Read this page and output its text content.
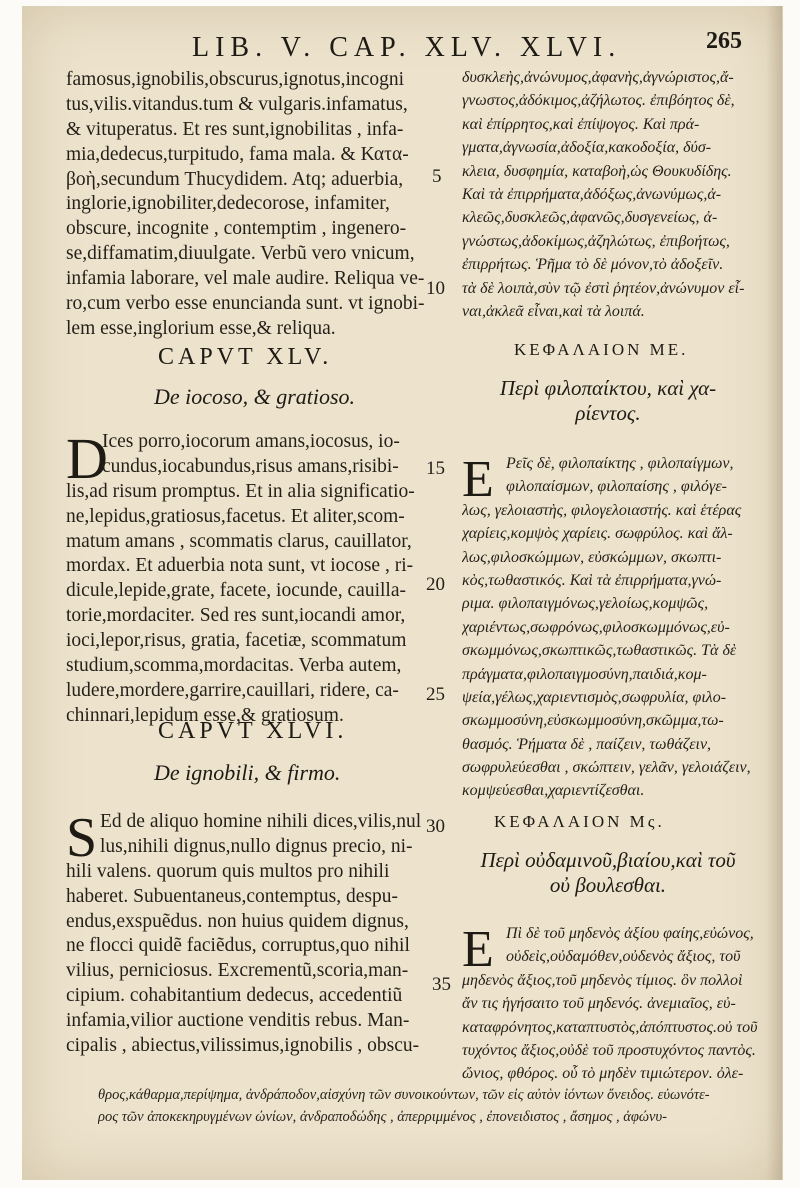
LIB. V. CAP. XLV. XLVI.	265
famosus,ignobilis,obscurus,ignotus,incogni
tus,vilis.vitandus.tum & vulgaris.infamatus,
& vituperatus. Et res sunt,ignobilitas , infa-
mia,dedecus,turpitudo, fama mala. & Κατα-
βοὴ,secundum Thucydidem. Atq; aduerbia,
inglorie,ignobiliter,dedecorose, infamiter,
obscure, incognite , contemptim , ingenero-
se,diffamatim,diuulgate. Verbũ vero vnicum,
infamia laborare, vel male audire. Reliqua ve-
ro,cum verbo esse enuncianda sunt. vt ignobi-
lem esse,inglorium esse,& reliqua.
CAPVT XLV.
De iocoso, & gratioso.
D
Ices porro,iocorum amans,iocosus, io-
cundus,iocabundus,risus amans,risibi-
lis,ad risum promptus. Et in alia significatio-
ne,lepidus,gratiosus,facetus. Et aliter,scom-
matum amans , scommatis clarus, cauillator,
mordax. Et aduerbia nota sunt, vt iocose , ri-
dicule,lepide,grate, facete, iocunde, cauilla-
torie,mordaciter. Sed res sunt,iocandi amor,
ioci,lepor,risus, gratia, facetiæ, scommatum
studium,scomma,mordacitas. Verba autem,
ludere,mordere,garrire,cauillari, ridere, ca-
chinnari,lepidum esse,& gratiosum.
CAPVT XLVI.
De ignobili, & firmo.
S Ed de aliquo homine nihili dices,vilis,nul
lus,nihili dignus,nullo dignus precio, ni-
hili valens. quorum quis multos pro nihili
haberet. Subuentaneus,contemptus, despu-
endus,exspuẽdus. non huius quidem dignus,
ne flocci quidẽ faciẽdus, corruptus,quo nihil
vilius, perniciosus. Excrementũ,scoria,man-
cipium. cohabitantium dedecus, accedentiũ
infamia,vilior auctione venditis rebus. Man-
cipalis , abiectus,vilissimus,ignobilis , obscu-
5
10
15
20
25
30
35
δυσκλεὴς,ἀνώνυμος,ἀφανὴς,ἀγνώριστος,ἄ-
γνωστος,ἀδόκιμος,ἀζήλωτος. ἐπιβόητος δὲ,
καὶ ἐπίρρητος,καὶ ἐπίψογος. Καὶ πρά-
γματα,ἀγνωσία,ἀδοξία,κακοδοξία, δύσ-
κλεια, δυσφημία, καταβοὴ,ὡς Θουκυδίδης.
Καὶ τὰ ἐπιρρήματα,ἀδόξως,ἀνωνύμως,ἀ-
κλεῶς,δυσκλεῶς,ἀφανῶς,δυσγενείως, ἀ-
γνώστως,ἀδοκίμως,ἀζηλώτως, ἐπιβοήτως,
ἐπιρρήτως. Ῥῆμα τὸ δὲ μόνον,τὸ ἀδοξεῖν.
τὰ δὲ λοιπὰ,σὺν τῷ ἐστὶ ῥητέον,ἀνώνυμον εἶ-
ναι,ἀκλεᾶ εἶναι,καὶ τὰ λοιπά.
ΚΕΦΑΛΑΙΟΝ ΜΕ.
Περὶ φιλοπαίκτου, καὶ χα-
ρίεντος.
Ε Ρεῖς δὲ, φιλοπαίκτης , φιλοπαίγμων,
φιλοπαίσμων, φιλοπαίσης , φιλόγε-
λως, γελοιαστὴς, φιλογελοιαστής. καὶ ἑτέρας
χαρίεις,κομψὸς χαρίεις. σωφρύλος. καὶ ἄλ-
λως,φιλοσκώμμων, εὐσκώμμων, σκωπτι-
κὸς,τωθαστικός. Καὶ τὰ ἐπιρρήματα,γνώ-
ριμα. φιλοπαιγμόνως,γελοίως,κομψῶς,
χαριέντως,σωφρόνως,φιλοσκωμμόνως,εὐ-
σκωμμόνως,σκωπτικῶς,τωθαστικῶς. Τὰ δὲ
πράγματα,φιλοπαιγμοσύνη,παιδιά,κομ-
ψεία,γέλως,χαριεντισμὸς,σωφρυλία, φιλο-
σκωμμοσύνη,εὐσκωμμοσύνη,σκῶμμα,τω-
θασμός. Ῥήματα δὲ , παίζειν, τωθάζειν,
σωφρυλεύεσθαι , σκώπτειν, γελᾶν, γελοιάζειν,
κομψεύεσθαι,χαριεντίζεσθαι.
ΚΕΦΑΛΑΙΟΝ Μς.
Περὶ οὐδαμινοῦ,βιαίου,καὶ τοῦ
οὐ βουλεσθαι.
Ε Πὶ δὲ τοῦ μηδενὸς ἀξίου φαίης,εὐώνος,
οὐδεὶς,οὐδαμόθεν,οὐδενὸς ἄξιος, τοῦ
μηδενὸς ἄξιος,τοῦ μηδενὸς τίμιος. ὃν πολλοὶ
ἄν τις ἡγήσαιτο τοῦ μηδενός. ἀνεμιαῖος, εὐ-
καταφρόνητος,καταπτυστὸς,ἀπόπτυστος.οὐ τοῦ
τυχόντος ἄξιος,οὐδὲ τοῦ προστυχόντος παντὸς.
ὤνιος, φθόρος. οὗ τὸ μηδὲν τιμιώτερον. ὀλε-
θρος,κάθαρμα,περίψημα, ἀνδράποδον,αἰσχύνη τῶν συνοικούντων, τῶν εἰς αὐτὸν ἰόντων ὄνειδος. εὐωνότε-
ρος τῶν ἀποκεκηρυγμένων ὠνίων, ἀνδραποδώδης , ἀπερριμμένος , ἐπονειδιστος , ἄσημος , ἀφώνυ-
